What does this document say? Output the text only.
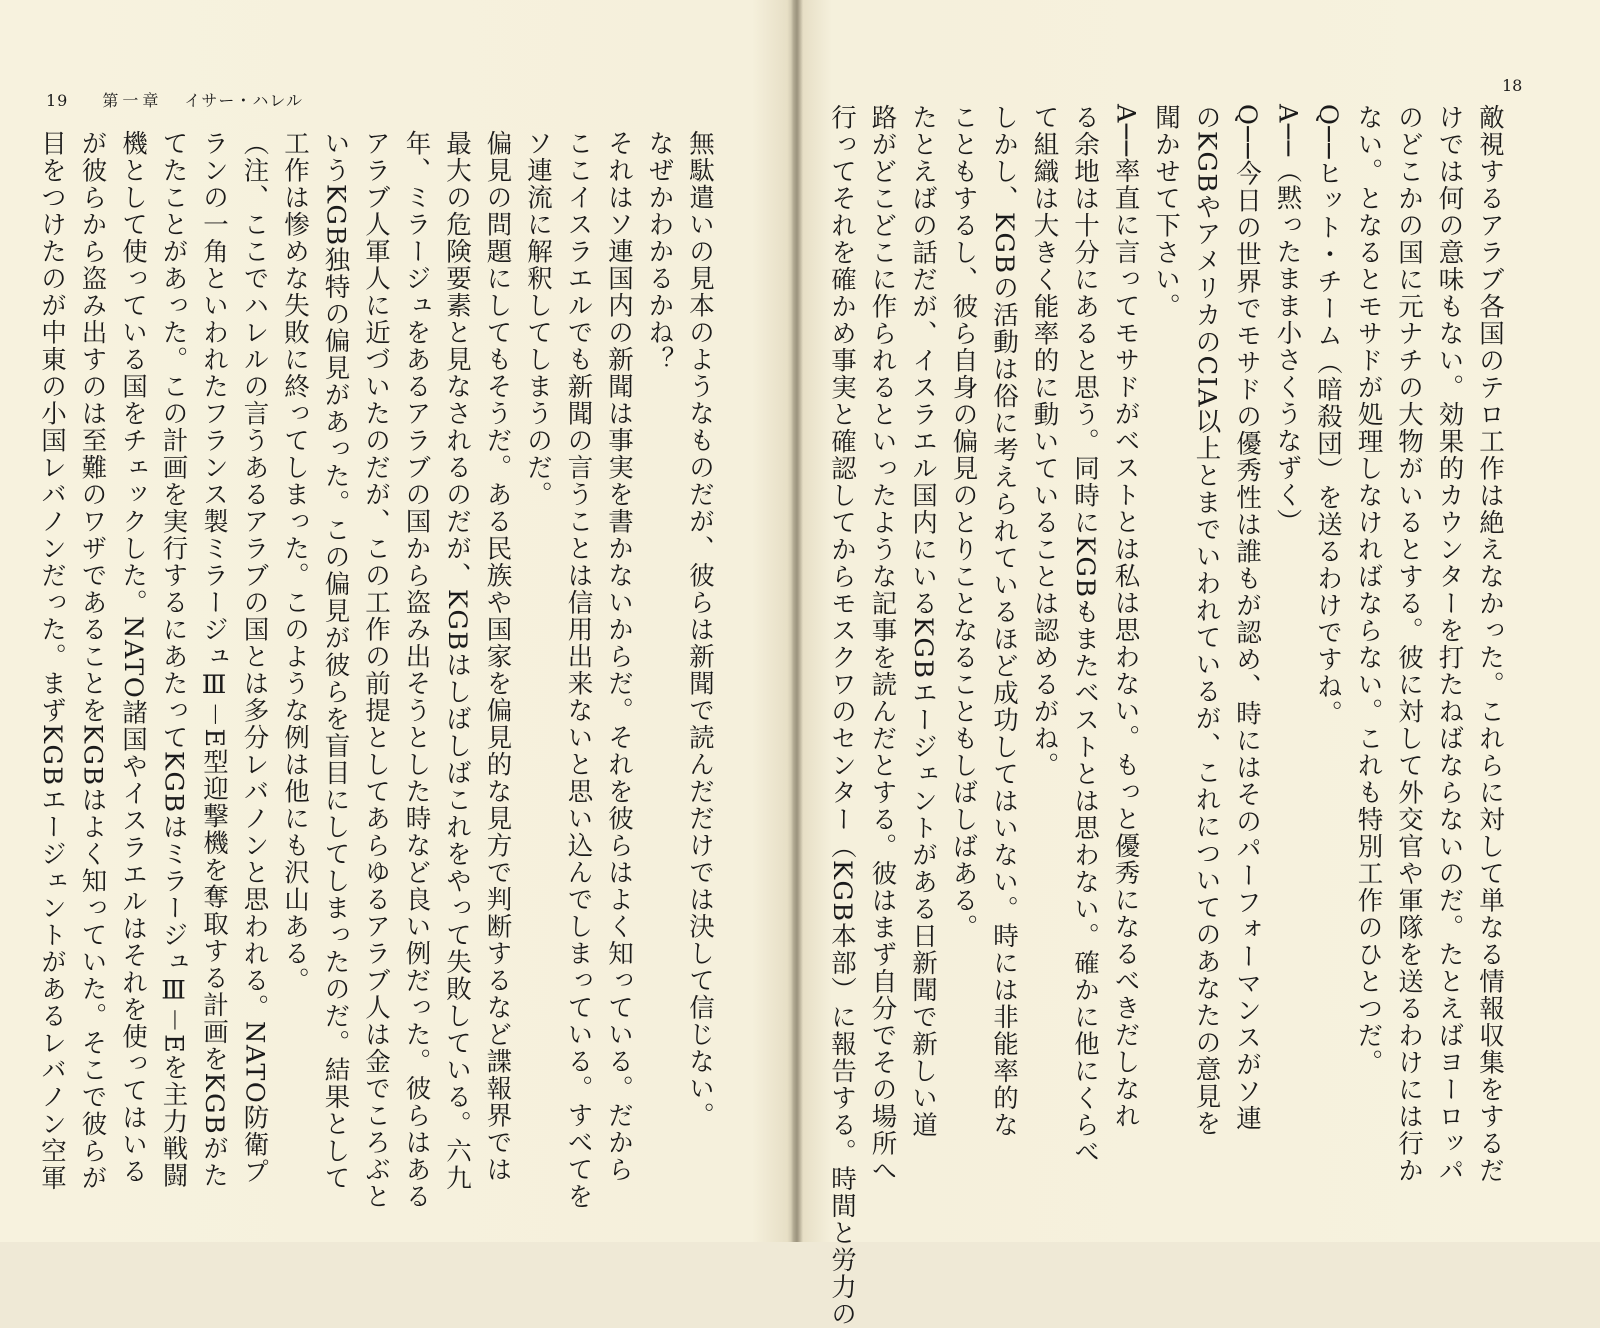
19 第一章 イサー・ハレル
無駄遣いの見本のようなものだが、彼らは新聞で読んだだけでは決して信じない。
なぜかわかるかね？
それはソ連国内の新聞は事実を書かないからだ。それを彼らはよく知っている。だから
ここイスラエルでも新聞の言うことは信用出来ないと思い込んでしまっている。すべてを
ソ連流に解釈してしまうのだ。
偏見の問題にしてもそうだ。ある民族や国家を偏見的な見方で判断するなど諜報界では
最大の危険要素と見なされるのだが、KGBはしばしばこれをやって失敗している。六九
年、ミラージュをあるアラブの国から盗み出そうとした時など良い例だった。彼らはある
アラブ人軍人に近づいたのだが、この工作の前提としてあらゆるアラブ人は金でころぶと
いうKGB独特の偏見があった。この偏見が彼らを盲目にしてしまったのだ。結果として
工作は惨めな失敗に終ってしまった。このような例は他にも沢山ある。
（注、ここでハレルの言うあるアラブの国とは多分レバノンと思われる。NATO防衛プ
ランの一角といわれたフランス製ミラージュⅢ－E型迎撃機を奪取する計画をKGBがた
てたことがあった。この計画を実行するにあたってKGBはミラージュⅢ－Eを主力戦闘
機として使っている国をチェックした。NATO諸国やイスラエルはそれを使ってはいる
が彼らから盗み出すのは至難のワザであることをKGBはよく知っていた。そこで彼らが
目をつけたのが中東の小国レバノンだった。まずKGBエージェントがあるレバノン空軍
18
敵視するアラブ各国のテロ工作は絶えなかった。これらに対して単なる情報収集をするだ
けでは何の意味もない。効果的カウンターを打たねばならないのだ。たとえばヨーロッパ
のどこかの国に元ナチの大物がいるとする。彼に対して外交官や軍隊を送るわけには行か
ない。となるとモサドが処理しなければならない。これも特別工作のひとつだ。
Q──ヒット・チーム（暗殺団）を送るわけですね。
A──（黙ったまま小さくうなずく）
Q──今日の世界でモサドの優秀性は誰もが認め、時にはそのパーフォーマンスがソ連
のKGBやアメリカのCIA以上とまでいわれているが、これについてのあなたの意見を
聞かせて下さい。
A──率直に言ってモサドがベストとは私は思わない。もっと優秀になるべきだしなれ
る余地は十分にあると思う。同時にKGBもまたベストとは思わない。確かに他にくらべ
て組織は大きく能率的に動いていることは認めるがね。
しかし、KGBの活動は俗に考えられているほど成功してはいない。時には非能率的な
こともするし、彼ら自身の偏見のとりことなることもしばしばある。
たとえばの話だが、イスラエル国内にいるKGBエージェントがある日新聞で新しい道
路がどこどこに作られるといったような記事を読んだとする。彼はまず自分でその場所へ
行ってそれを確かめ事実と確認してからモスクワのセンター（KGB本部）に報告する。時間と労力の
